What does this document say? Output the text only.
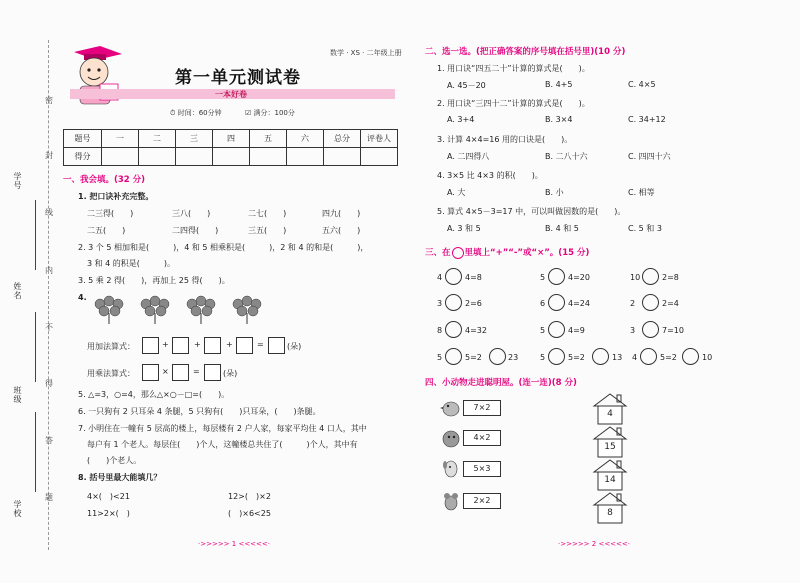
密
封
线
内
不
得
答
题
学号
姓名
班级
学校
数学 · XS · 二年级上册
第一单元测试卷
一本好卷
⏱ 时间：60分钟	☑ 满分：100分
题号	一	二	三	四	五	六	总分	评卷人
得分								
一、我会填。(32 分)
1. 把口诀补充完整。
二三得(　　)	三八(　　)	二七(　　)	四九(　　)
二五(　　)	二四得(　　)	三五(　　)	五六(　　)
2. 3 个 5 相加和是(　　　)，4 和 5 相乘积是(　　　)，2 和 4 的和是(　　　)，
3 和 4 的积是(　　　)。
3. 5 乘 2 得(　　)，再加上 25 得(　　)。
4.
用加法算式：	+	+	+	=	(朵)
用乘法算式：	×	=	(朵)
5. △=3，○=4，那么△×○－□=(　　)。
6. 一只狗有 2 只耳朵 4 条腿，5 只狗有(　　)只耳朵，(　　)条腿。
7. 小明住在一幢有 5 层高的楼上，每层楼有 2 户人家，每家平均住 4 口人，其中
每户有 1 个老人。每层住(　　)个人，这幢楼总共住了(　　　)个人，其中有
(　　)个老人。
8. 括号里最大能填几？
4×(　)<21	12>(　)×2
11>2×(　)	(　)×6<25
·>>>>> 1 <<<<<·
二、选一选。(把正确答案的序号填在括号里)(10 分)
1. 用口诀“四五二十”计算的算式是(　　)。
A. 45－20	B. 4+5	C. 4×5
2. 用口诀“三四十二”计算的算式是(　　)。
A. 3+4	B. 3×4	C. 34+12
3. 计算 4×4=16 用的口诀是(　　)。
A. 二四得八	B. 二八十六	C. 四四十六
4. 3×5 比 4×3 的积(　　)。
A. 大	B. 小	C. 相等
5. 算式 4×5－3=17 中，可以叫做因数的是(　　)。
A. 3 和 5	B. 4 和 5	C. 5 和 3
三、在 里填上“+”“-”或“×”。(15 分)
4	4=8	5	4=20	10	2=8
3	2=6	6	4=24	2	2=4
8	4=32	5	4=9	3	7=10
5	5=2	23	5	5=2	13 4	5=2	10
四、小动物走进聪明屋。(连一连)(8 分)
7×2
4×2
5×3
2×2
4
15
14
8
·>>>>> 2 <<<<<·
